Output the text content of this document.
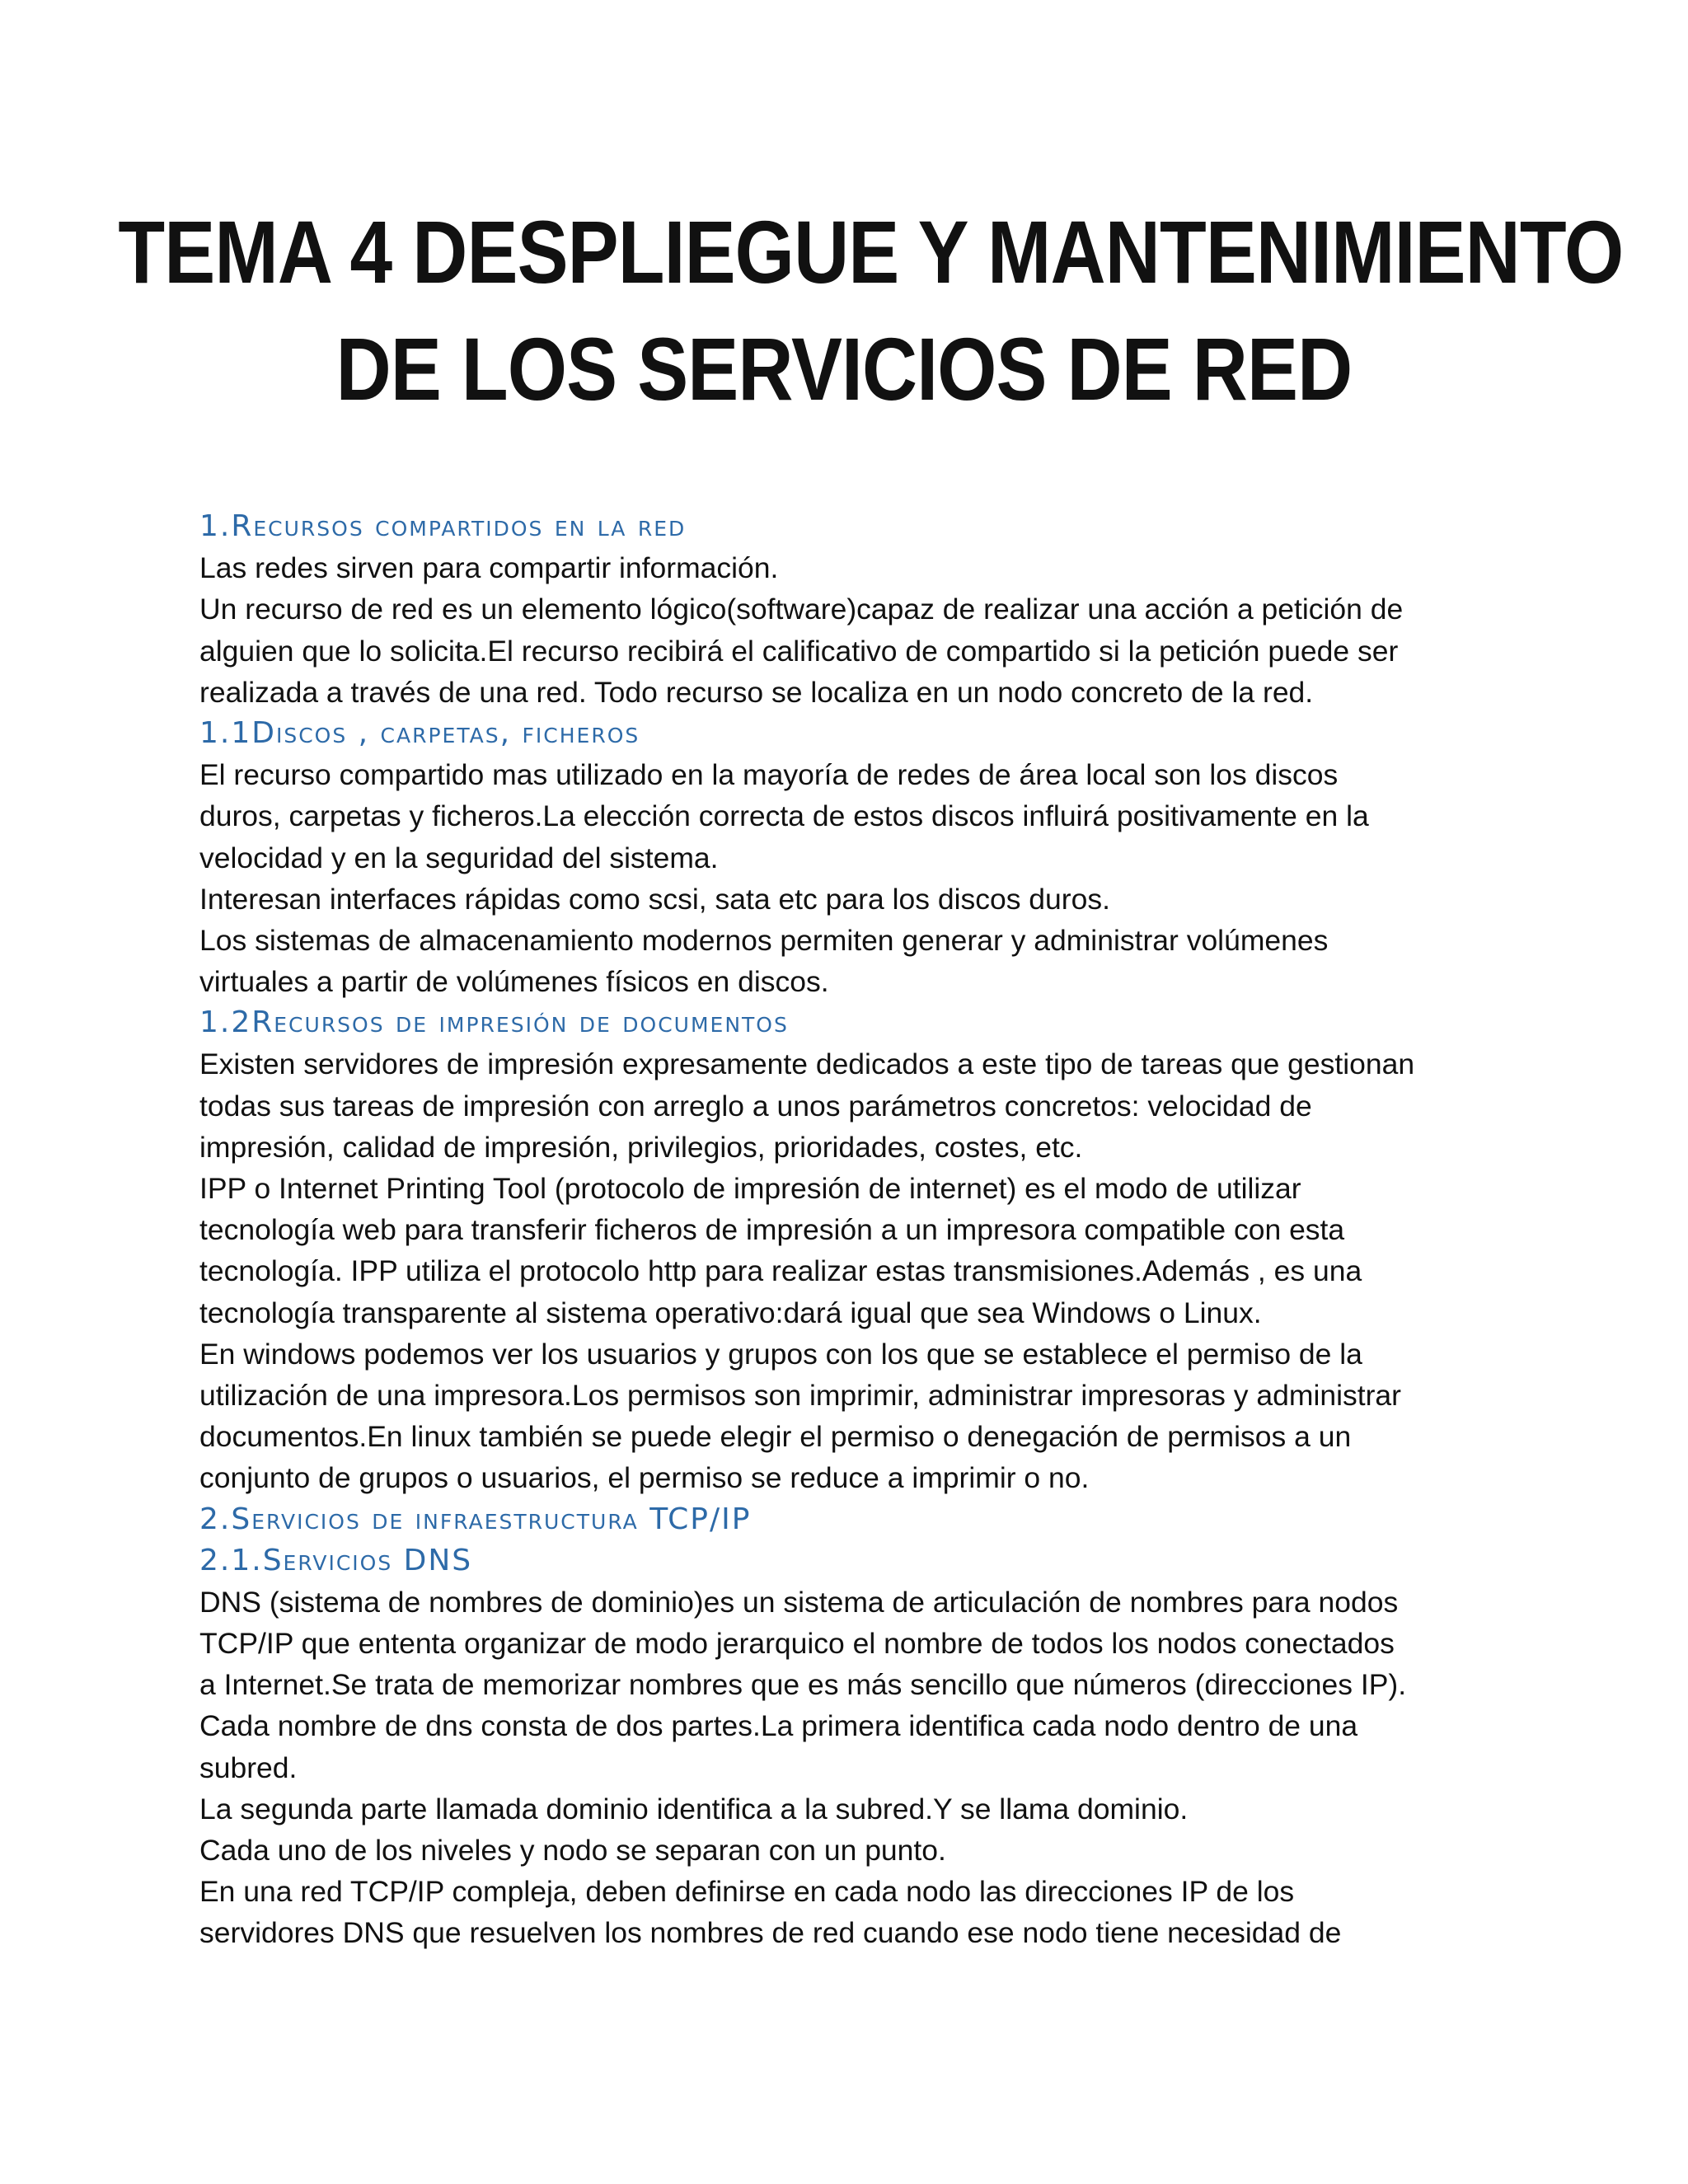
TEMA 4 DESPLIEGUE Y MANTENIMIENTO
DE LOS SERVICIOS DE RED
1.Recursos compartidos en la red
Las redes sirven para compartir información.
Un recurso de red es un elemento lógico(software)capaz de realizar una acción a petición de
alguien que lo solicita.El recurso recibirá el calificativo de compartido si la petición puede ser
realizada a través de una red. Todo recurso se localiza en un nodo concreto de la red.
1.1Discos , carpetas, ficheros
El recurso compartido mas utilizado en la mayoría de redes de área local son los discos
duros, carpetas y ficheros.La elección correcta de estos discos influirá positivamente en la
velocidad y en la seguridad del sistema.
Interesan interfaces rápidas como scsi, sata etc para los discos duros.
Los sistemas de almacenamiento modernos permiten generar y administrar volúmenes
virtuales a partir de volúmenes físicos en discos.
1.2Recursos de impresión de documentos
Existen servidores de impresión expresamente dedicados a este tipo de tareas que gestionan
todas sus tareas de impresión con arreglo a unos parámetros concretos: velocidad de
impresión, calidad de impresión, privilegios, prioridades, costes, etc.
IPP o Internet Printing Tool (protocolo de impresión de internet) es el modo de utilizar
tecnología web para transferir ficheros de impresión a un impresora compatible con esta
tecnología. IPP utiliza el protocolo http para realizar estas transmisiones.Además , es una
tecnología transparente al sistema operativo:dará igual que sea Windows o Linux.
En windows podemos ver los usuarios y grupos con los que se establece el permiso de la
utilización de una impresora.Los permisos son imprimir, administrar impresoras y administrar
documentos.En linux también se puede elegir el permiso o denegación de permisos a un
conjunto de grupos o usuarios, el permiso se reduce a imprimir o no.
2.Servicios de infraestructura TCP/IP
2.1.Servicios DNS
DNS (sistema de nombres de dominio)es un sistema de articulación de nombres para nodos
TCP/IP que ententa organizar de modo jerarquico el nombre de todos los nodos conectados
a Internet.Se trata de memorizar nombres que es más sencillo que números (direcciones IP).
Cada nombre de dns consta de dos partes.La primera identifica cada nodo dentro de una
subred.
La segunda parte llamada dominio identifica a la subred.Y se llama dominio.
Cada uno de los niveles y nodo se separan con un punto.
En una red TCP/IP compleja, deben definirse en cada nodo las direcciones IP de los
servidores DNS que resuelven los nombres de red cuando ese nodo tiene necesidad de
